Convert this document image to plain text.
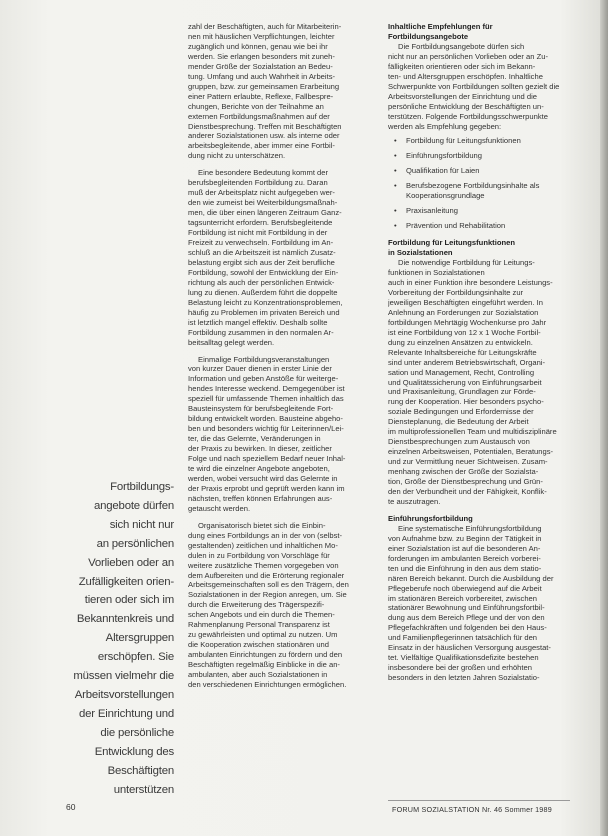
Fortbildungs-
angebote dürfen
sich nicht nur
an persönlichen
Vorlieben oder an
Zufälligkeiten orien-
tieren oder sich im
Bekanntenkreis und
Altersgruppen
erschöpfen. Sie
müssen vielmehr die
Arbeitsvorstellungen
der Einrichtung und
die persönliche
Entwicklung des
Beschäftigten
unterstützen
zahl der Beschäftigten, auch für Mitarbeiterin-
nen mit häuslichen Verpflichtungen, leichter
zugänglich und können, genau wie bei ihr
werden. Sie erlangen besonders mit zuneh-
mender Größe der Sozialstation an Bedeu-
tung. Umfang und auch Wahrheit in Arbeits-
gruppen, bzw. zur gemeinsamen Erarbeitung
einer Pattern erlaubte, Reflexe, Fallbespre-
chungen, Berichte von der Teilnahme an
externen Fortbildungsmaßnahmen auf der
Dienstbesprechung. Treffen mit Beschäftigten
anderer Sozialstationen usw. als interne oder
arbeitsbegleitende, aber immer eine Fortbil-
dung nicht zu unterschätzen.
Eine besondere Bedeutung kommt der
berufsbegleitenden Fortbildung zu. Daran
muß der Arbeitsplatz nicht aufgegeben wer-
den wie zumeist bei Weiterbildungsmaßnah-
men, die über einen längeren Zeitraum Ganz-
tagsunterricht erfordern. Berufsbegleitende
Fortbildung ist nicht mit Fortbildung in der
Freizeit zu verwechseln. Fortbildung im An-
schluß an die Arbeitszeit ist nämlich Zusatz-
belastung ergibt sich aus der Zeit berufliche
Fortbildung, sowohl der Entwicklung der Ein-
richtung als auch der persönlichen Entwick-
lung zu dienen. Außerdem führt die doppelte
Belastung leicht zu Konzentrationsproblemen,
häufig zu Problemen im privaten Bereich und
ist letztlich mangel effektiv. Deshalb sollte
Fortbildung zusammen in den normalen Ar-
beitsalltag gelegt werden.
Einmalige Fortbildungsveranstaltungen
von kurzer Dauer dienen in erster Linie der
Information und geben Anstöße für weiterge-
hendes Interesse weckend. Demgegenüber ist
speziell für umfassende Themen inhaltlich das
Bausteinsystem für berufsbegleitende Fort-
bildung entwickelt worden. Bausteine abgeho-
ben und besonders wichtig für Leiterinnen/Lei-
ter, die das Gelernte, Veränderungen in
der Praxis zu bewirken. In dieser, zeitlicher
Folge und nach speziellem Bedarf neuer Inhal-
te wird die einzelner Angebote angeboten,
werden, wobei versucht wird das Gelernte in
der Praxis erprobt und geprüft werden kann im
nächsten, treffen können Erfahrungen aus-
getauscht werden.
Organisatorisch bietet sich die Einbin-
dung eines Fortbildungs an in der von (selbst-
gestaltenden) zeitlichen und inhaltlichen Mo-
dulen in zu Fortbildung von Vorschläge für
weitere zusätzliche Themen vorgegeben von
dem Aufbereiten und die Erörterung regionaler
Arbeitsgemeinschaften soll es den Trägern, den
Sozialstationen in der Region anregen, um. Sie
durch die Erweiterung des Trägerspezifi-
schen Angebots und ein durch die Themen-
Rahmenplanung Personal Transparenz ist
zu gewährleisten und optimal zu nutzen. Um
die Kooperation zwischen stationären und
ambulanten Einrichtungen zu fördern und den
Beschäftigten regelmäßig Einblicke in die an-
ambulanten, aber auch Sozialstationen in
den verschiedenen Einrichtungen ermöglichen.
Inhaltliche Empfehlungen für
Fortbildungsangebote
Die Fortbildungsangebote dürfen sich
nicht nur an persönlichen Vorlieben oder an Zu-
fälligkeiten orientieren oder sich im Bekann-
ten- und Altersgruppen erschöpfen. Inhaltliche
Schwerpunkte von Fortbildungen sollten gezielt die
Arbeitsvorstellungen der Einrichtung und die
persönliche Entwicklung der Beschäftigten un-
terstützen. Folgende Fortbildungsschwerpunkte
werden als Empfehlung gegeben:
• Fortbildung für Leitungsfunktionen
• Einführungsfortbildung
• Qualifikation für Laien
• Berufsbezogene Fortbildungsinhalte als
Kooperationsgrundlage
• Praxisanleitung
• Prävention und Rehabilitation
Fortbildung für Leitungsfunktionen
in Sozialstationen
Die notwendige Fortbildung für Leitungs-
funktionen in Sozialstationen
auch in einer Funktion ihre besondere Leistungs-
Vorbereitung der Fortbildungsinhalte zur
jeweiligen Beschäftigten eingeführt werden. In
Anlehnung an Forderungen zur Sozialstation
fortbildungen Mehrtägig Wochenkurse pro Jahr
ist eine Fortbildung von 12 x 1 Woche Fortbil-
dung zu einzelnen Ansätzen zu entwickeln.
Relevante Inhaltsbereiche für Leitungskräfte
sind unter anderem Betriebswirtschaft, Organi-
sation und Management, Recht, Controlling
und Qualitätssicherung von Einführungsarbeit
und Praxisanleitung, Grundlagen zur Förde-
rung der Kooperation. Hier besonders psycho-
soziale Bedingungen und Erfordernisse der
Diensteplanung, die Bedeutung der Arbeit
im multiprofessionellen Team und multidisziplinäre
Dienstbesprechungen zum Austausch von
einzelnen Arbeitsweisen, Potentialen, Beratungs-
und zur Vermittlung neuer Sichtweisen. Zusam-
menhang zwischen der Größe der Sozialsta-
tion, Größe der Dienstbesprechung und Grün-
den der Verbundheit und der Fähigkeit, Konflik-
te auszutragen.
Einführungsfortbildung
Eine systematische Einführungsfortbildung
von Aufnahme bzw. zu Beginn der Tätigkeit in
einer Sozialstation ist auf die besonderen An-
forderungen im ambulanten Bereich vorberei-
ten und die Einführung in den aus dem statio-
nären Bereich bekannt. Durch die Ausbildung der
Pflegeberufe noch überwiegend auf die Arbeit
im stationären Bereich vorbereitet, zwischen
stationärer Bewohnung und Einführungsfortbil-
dung aus dem Bereich Pflege und der von den
Pflegefachkräften und folgenden bei den Haus-
und Familienpflegerinnen tatsächlich für den
Einsatz in der häuslichen Versorgung ausgestat-
tet. Vielfältige Qualifikationsdefizite bestehen
insbesondere bei der großen und erhöhten
besonders in den letzten Jahren Sozialstatio-
60	FORUM SOZIALSTATION Nr. 46 Sommer 1989
